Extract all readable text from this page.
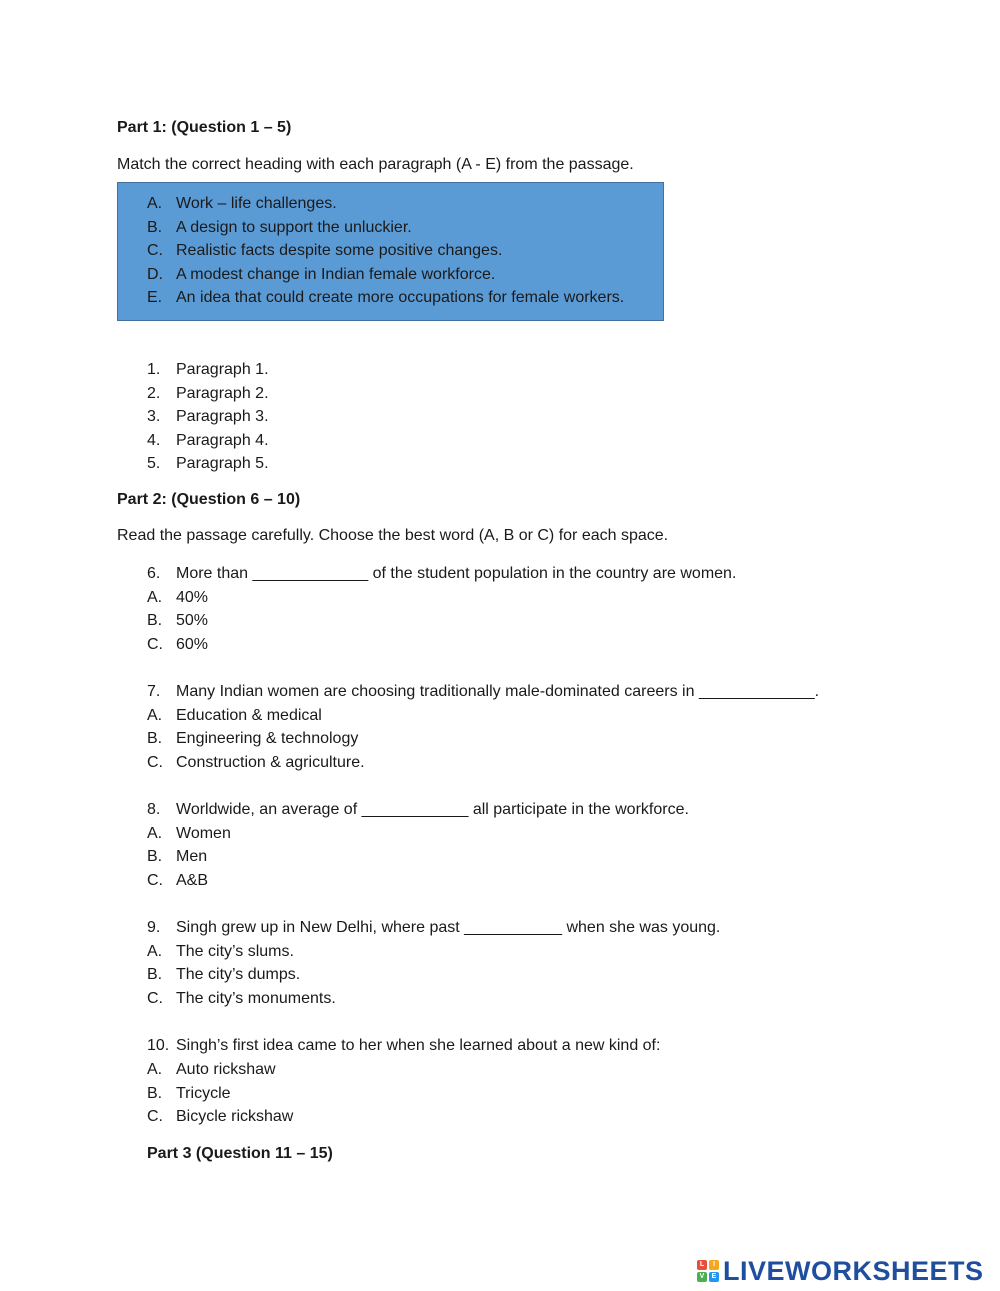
Part 1: (Question 1 – 5)
Match the correct heading with each paragraph (A - E) from the passage.
A. Work – life challenges.
B. A design to support the unluckier.
C. Realistic facts despite some positive changes.
D. A modest change in Indian female workforce.
E. An idea that could create more occupations for female workers.
1. Paragraph 1.
2. Paragraph 2.
3. Paragraph 3.
4. Paragraph 4.
5. Paragraph 5.
Part 2: (Question 6 – 10)
Read the passage carefully. Choose the best word (A, B or C) for each space.
6. More than _____________ of the student population in the country are women.
A. 40%
B. 50%
C. 60%
7. Many Indian women are choosing traditionally male-dominated careers in _____________.
A. Education & medical
B. Engineering & technology
C. Construction & agriculture.
8. Worldwide, an average of ____________ all participate in the workforce.
A. Women
B. Men
C. A&B
9. Singh grew up in New Delhi, where past ___________ when she was young.
A. The city’s slums.
B. The city’s dumps.
C. The city’s monuments.
10. Singh’s first idea came to her when she learned about a new kind of:
A. Auto rickshaw
B. Tricycle
C. Bicycle rickshaw
Part 3 (Question 11 – 15)
L	I
V	E LIVEWORKSHEETS
